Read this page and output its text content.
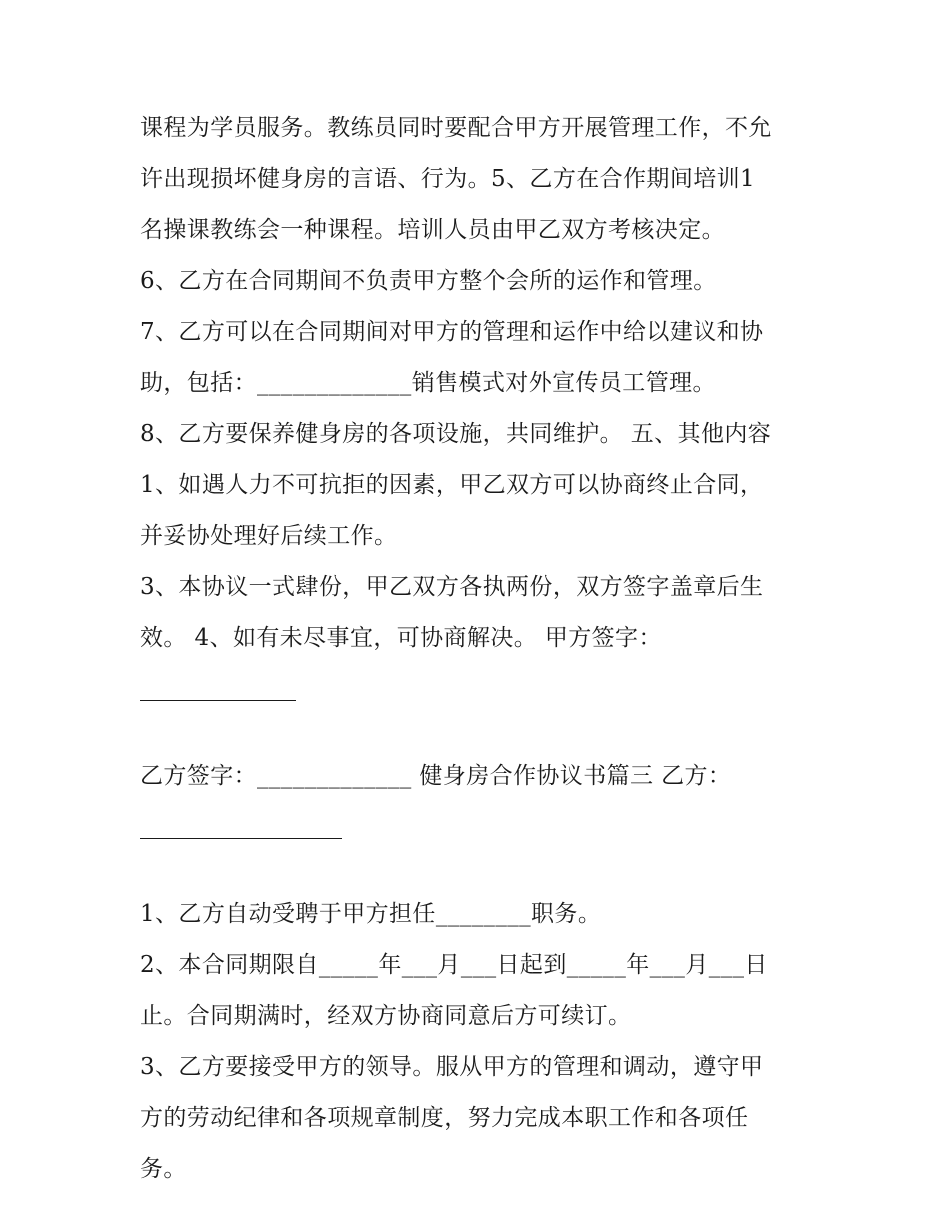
课程为学员服务。教练员同时要配合甲方开展管理工作，不允
许出现损坏健身房的言语、行为。5、乙方在合作期间培训1
名操课教练会一种课程。培训人员由甲乙双方考核决定。
6、乙方在合同期间不负责甲方整个会所的运作和管理。
7、乙方可以在合同期间对甲方的管理和运作中给以建议和协
助，包括：_____________销售模式对外宣传员工管理。
8、乙方要保养健身房的各项设施，共同维护。 五、其他内容
1、如遇人力不可抗拒的因素，甲乙双方可以协商终止合同，
并妥协处理好后续工作。
3、本协议一式肆份，甲乙双方各执两份，双方签字盖章后生
效。 4、如有未尽事宜，可协商解决。 甲方签字：
乙方签字：_____________ 健身房合作协议书篇三 乙方：
1、乙方自动受聘于甲方担任________职务。
2、本合同期限自_____年___月___日起到_____年___月___日
止。合同期满时，经双方协商同意后方可续订。
3、乙方要接受甲方的领导。服从甲方的管理和调动，遵守甲
方的劳动纪律和各项规章制度，努力完成本职工作和各项任
务。
